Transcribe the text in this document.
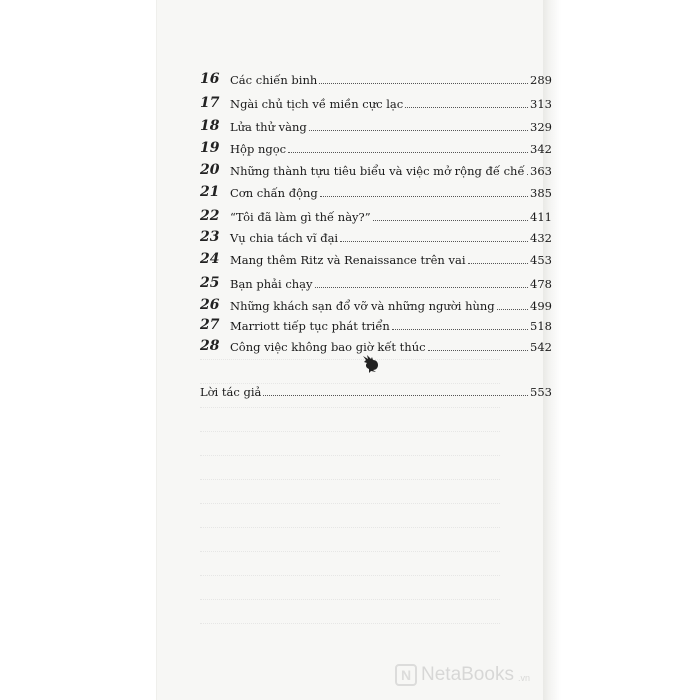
16 Các chiến binh	289
17 Ngài chủ tịch về miền cực lạc	313
18 Lửa thử vàng	329
19 Hộp ngọc	342
20 Những thành tựu tiêu biểu và việc mở rộng đế chế 363
21 Cơn chấn động	385
22 “Tôi đã làm gì thế này?”	411
23 Vụ chia tách vĩ đại	432
24 Mang thêm Ritz và Renaissance trên vai	453
25 Bạn phải chạy	478
26 Những khách sạn đổ vỡ và những người hùng	499
27 Marriott tiếp tục phát triển	518
28 Công việc không bao giờ kết thúc	542
Lời tác giả	553
N NetaBooks .vn
